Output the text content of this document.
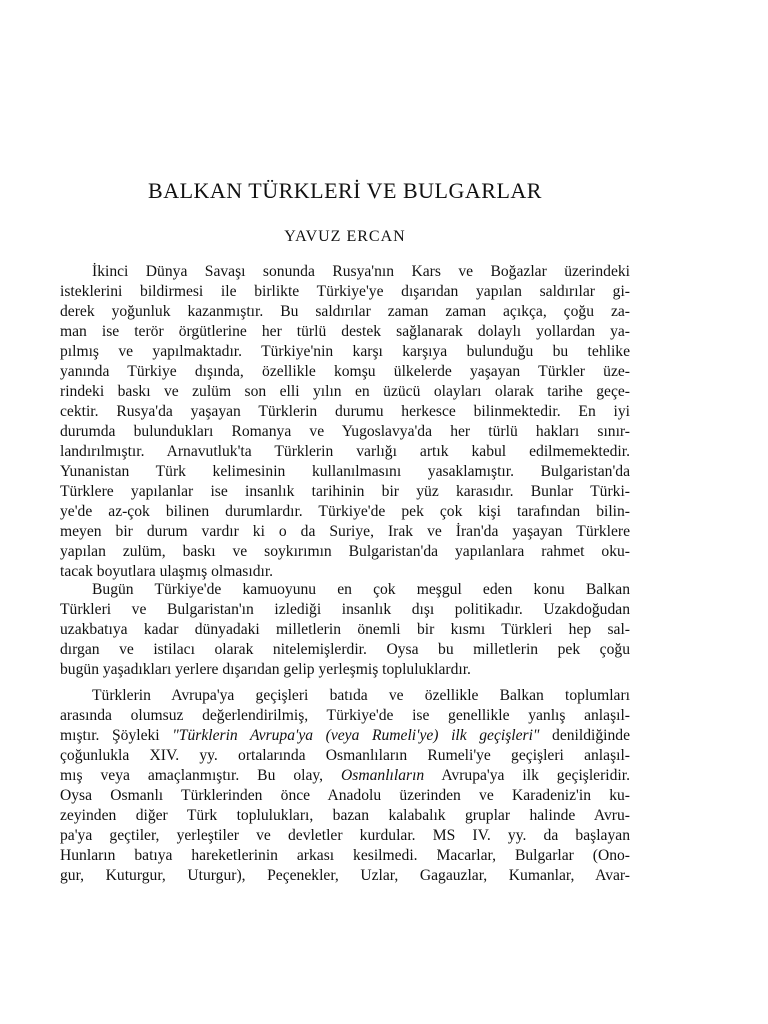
BALKAN TÜRKLERİ VE BULGARLAR
YAVUZ ERCAN
İkinci Dünya Savaşı sonunda Rusya'nın Kars ve Boğazlar üzerindeki
isteklerini bildirmesi ile birlikte Türkiye'ye dışarıdan yapılan saldırılar gi-
derek yoğunluk kazanmıştır. Bu saldırılar zaman zaman açıkça, çoğu za-
man ise terör örgütlerine her türlü destek sağlanarak dolaylı yollardan ya-
pılmış ve yapılmaktadır. Türkiye'nin karşı karşıya bulunduğu bu tehlike
yanında Türkiye dışında, özellikle komşu ülkelerde yaşayan Türkler üze-
rindeki baskı ve zulüm son elli yılın en üzücü olayları olarak tarihe geçe-
cektir. Rusya'da yaşayan Türklerin durumu herkesce bilinmektedir. En iyi
durumda bulundukları Romanya ve Yugoslavya'da her türlü hakları sınır-
landırılmıştır. Arnavutluk'ta Türklerin varlığı artık kabul edilmemektedir.
Yunanistan Türk kelimesinin kullanılmasını yasaklamıştır. Bulgaristan'da
Türklere yapılanlar ise insanlık tarihinin bir yüz karasıdır. Bunlar Türki-
ye'de az-çok bilinen durumlardır. Türkiye'de pek çok kişi tarafından bilin-
meyen bir durum vardır ki o da Suriye, Irak ve İran'da yaşayan Türklere
yapılan zulüm, baskı ve soykırımın Bulgaristan'da yapılanlara rahmet oku-
tacak boyutlara ulaşmış olmasıdır.
Bugün Türkiye'de kamuoyunu en çok meşgul eden konu Balkan
Türkleri ve Bulgaristan'ın izlediği insanlık dışı politikadır. Uzakdoğudan
uzakbatıya kadar dünyadaki milletlerin önemli bir kısmı Türkleri hep sal-
dırgan ve istilacı olarak nitelemişlerdir. Oysa bu milletlerin pek çoğu
bugün yaşadıkları yerlere dışarıdan gelip yerleşmiş topluluklardır.
Türklerin Avrupa'ya geçişleri batıda ve özellikle Balkan toplumları
arasında olumsuz değerlendirilmiş, Türkiye'de ise genellikle yanlış anlaşıl-
mıştır. Şöyleki "Türklerin Avrupa'ya (veya Rumeli'ye) ilk geçişleri" denildiğinde
çoğunlukla XIV. yy. ortalarında Osmanlıların Rumeli'ye geçişleri anlaşıl-
mış veya amaçlanmıştır. Bu olay, Osmanlıların Avrupa'ya ilk geçişleridir.
Oysa Osmanlı Türklerinden önce Anadolu üzerinden ve Karadeniz'in ku-
zeyinden diğer Türk toplulukları, bazan kalabalık gruplar halinde Avru-
pa'ya geçtiler, yerleştiler ve devletler kurdular. MS IV. yy. da başlayan
Hunların batıya hareketlerinin arkası kesilmedi. Macarlar, Bulgarlar (Ono-
gur, Kuturgur, Uturgur), Peçenekler, Uzlar, Gagauzlar, Kumanlar, Avar-
